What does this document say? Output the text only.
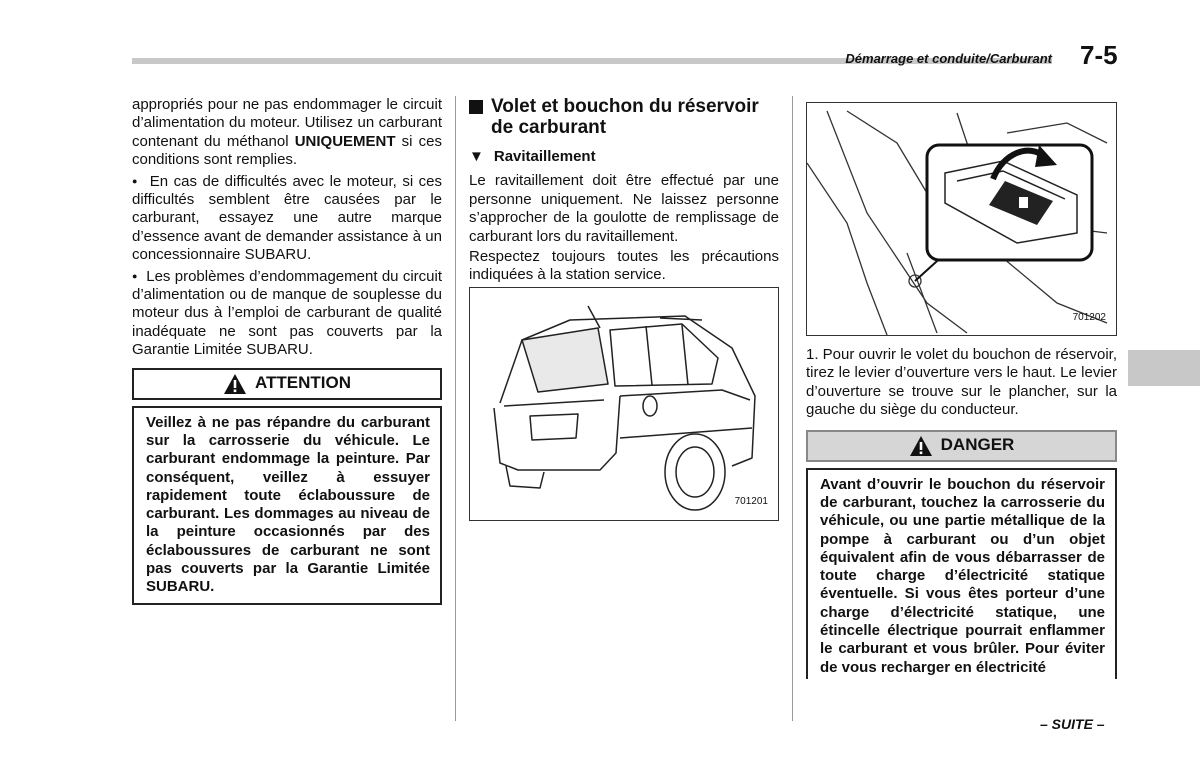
Démarrage et conduite/Carburant 7-5

appropriés pour ne pas endommager le circuit d’alimentation du moteur. Utilisez un carburant contenant du méthanol UNIQUEMENT si ces conditions sont remplies.

● En cas de difficultés avec le moteur, si ces difficultés semblent être causées par le carburant, essayez une autre marque d’essence avant de demander assistance à un concessionnaire SUBARU.

● Les problèmes d’endommagement du circuit d’alimentation ou de manque de souplesse du moteur dus à l’emploi de carburant de qualité inadéquate ne sont pas couverts par la Garantie Limitée SUBARU.

ATTENTION
Veillez à ne pas répandre du carburant sur la carrosserie du véhicule. Le carburant endommage la peinture. Par conséquent, veillez à essuyer rapidement toute éclaboussure de carburant. Les dommages au niveau de la peinture occasionnés par des éclaboussures de carburant ne sont pas couverts par la Garantie Limitée SUBARU.
Volet et bouchon du réservoir de carburant
▼ Ravitaillement

Le ravitaillement doit être effectué par une personne uniquement. Ne laissez personne s’approcher de la goulotte de remplissage de carburant lors du ravitaillement.

Respectez toujours toutes les précautions indiquées à la station service.

701201
701202

1. Pour ouvrir le volet du bouchon de réservoir, tirez le levier d’ouverture vers le haut. Le levier d’ouverture se trouve sur le plancher, sur la gauche du siège du conducteur.

DANGER
Avant d’ouvrir le bouchon du réservoir de carburant, touchez la carrosserie du véhicule, ou une partie métallique de la pompe à carburant ou d’un objet équivalent afin de vous débarrasser de toute charge d’électricité statique éventuelle. Si vous êtes porteur d’une charge d’électricité statique, une étincelle électrique pourrait enflammer le carburant et vous brûler. Pour éviter de vous recharger en électricité
– SUITE –
